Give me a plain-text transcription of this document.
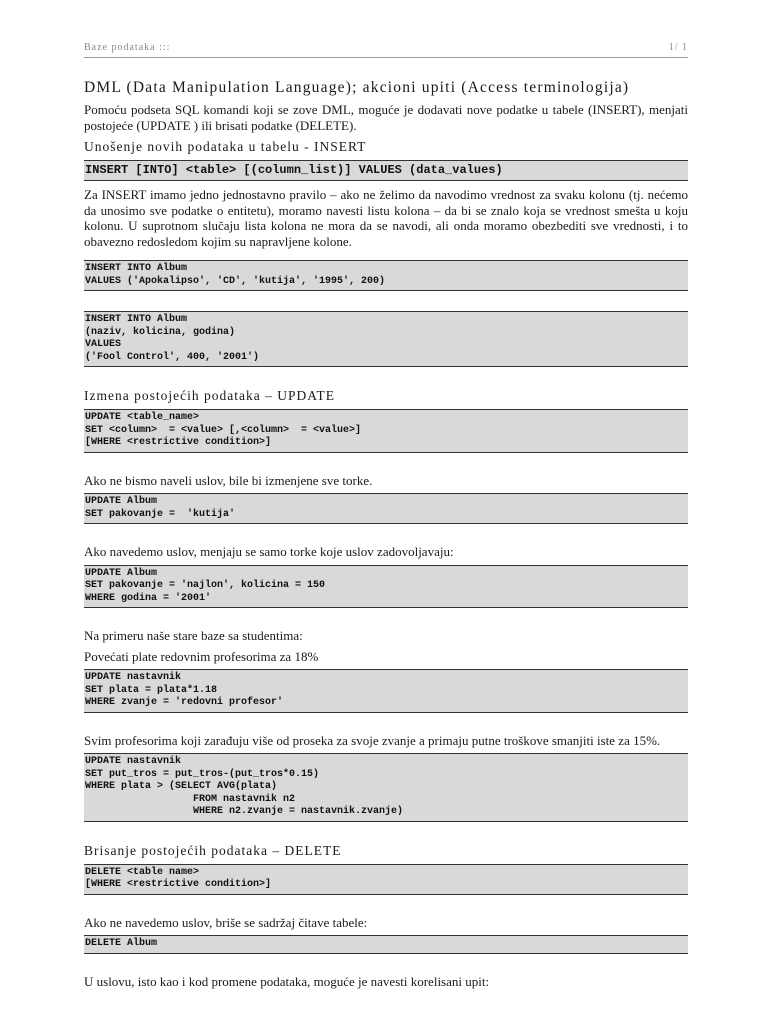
Baze podataka :::	1/ 1
DML (Data Manipulation Language); akcioni upiti (Access terminologija)

Pomoću podseta SQL komandi koji se zove DML, moguće je dodavati nove podatke u tabele (INSERT), menjati postojeće (UPDATE ) ili brisati podatke (DELETE).

Unošenje novih podataka u tabelu - INSERT
INSERT [INTO] <table> [(column_list)] VALUES (data_values)

Za INSERT imamo jedno jednostavno pravilo – ako ne želimo da navodimo vrednost za svaku kolonu (tj. nećemo da unosimo sve podatke o entitetu), moramo navesti listu kolona – da bi se znalo koja se vrednost smešta u koju kolonu. U suprotnom slučaju lista kolona ne mora da se navodi, ali onda moramo obezbediti sve vrednosti, i to obavezno redosledom kojim su napravljene kolone.

INSERT INTO Album
VALUES ('Apokalipso', 'CD', 'kutija', '1995', 200)
INSERT INTO Album
(naziv, kolicina, godina)
VALUES
('Fool Control', 400, '2001')
Izmena postojećih podataka – UPDATE
UPDATE <table_name>
SET <column>  = <value> [,<column>  = <value>]
[WHERE <restrictive condition>]

Ako ne bismo naveli uslov, bile bi izmenjene sve torke.

UPDATE Album
SET pakovanje =  'kutija'

Ako navedemo uslov, menjaju se samo torke koje uslov zadovoljavaju:

UPDATE Album
SET pakovanje = 'najlon', kolicina = 150
WHERE godina = '2001'

Na primeru naše stare baze sa studentima:

Povećati plate redovnim profesorima za 18%

UPDATE nastavnik
SET plata = plata*1.18
WHERE zvanje = 'redovni profesor'

Svim profesorima koji zarađuju više od proseka za svoje zvanje a primaju putne troškove smanjiti iste za 15%.

UPDATE nastavnik
SET put_tros = put_tros-(put_tros*0.15)
WHERE plata > (SELECT AVG(plata)
FROM nastavnik n2
WHERE n2.zvanje = nastavnik.zvanje)
Brisanje postojećih podataka – DELETE
DELETE <table name>
[WHERE <restrictive condition>]

Ako ne navedemo uslov, briše se sadržaj čitave tabele:

DELETE Album

U uslovu, isto kao i kod promene podataka, moguće je navesti korelisani upit:
